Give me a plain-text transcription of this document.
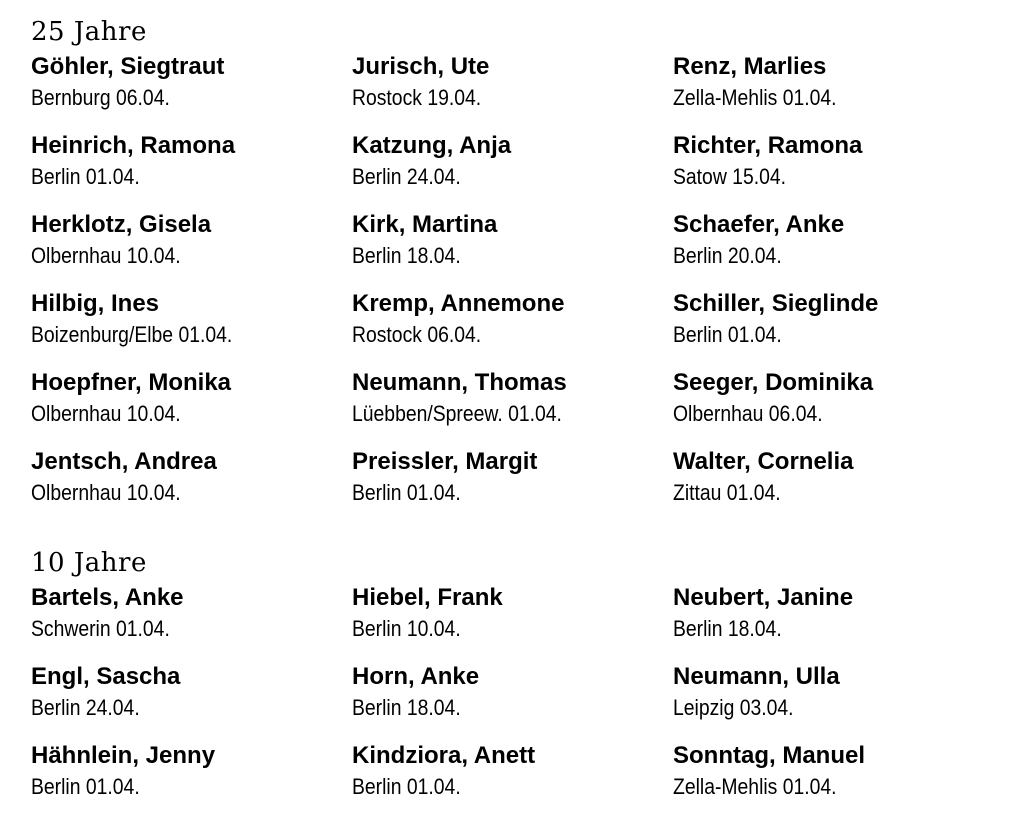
25 Jahre
Göhler, Siegtraut
Bernburg 06.04.
Jurisch, Ute
Rostock 19.04.
Renz, Marlies
Zella-Mehlis 01.04.
Heinrich, Ramona
Berlin 01.04.
Katzung, Anja
Berlin 24.04.
Richter, Ramona
Satow 15.04.
Herklotz, Gisela
Olbernhau 10.04.
Kirk, Martina
Berlin 18.04.
Schaefer, Anke
Berlin 20.04.
Hilbig, Ines
Boizenburg/Elbe 01.04.
Kremp, Annemone
Rostock 06.04.
Schiller, Sieglinde
Berlin 01.04.
Hoepfner, Monika
Olbernhau 10.04.
Neumann, Thomas
Lüebben/Spreew. 01.04.
Seeger, Dominika
Olbernhau 06.04.
Jentsch, Andrea
Olbernhau 10.04.
Preissler, Margit
Berlin 01.04.
Walter, Cornelia
Zittau 01.04.
10 Jahre
Bartels, Anke
Schwerin 01.04.
Hiebel, Frank
Berlin 10.04.
Neubert, Janine
Berlin 18.04.
Engl, Sascha
Berlin 24.04.
Horn, Anke
Berlin 18.04.
Neumann, Ulla
Leipzig 03.04.
Hähnlein, Jenny
Berlin 01.04.
Kindziora, Anett
Berlin 01.04.
Sonntag, Manuel
Zella-Mehlis 01.04.
